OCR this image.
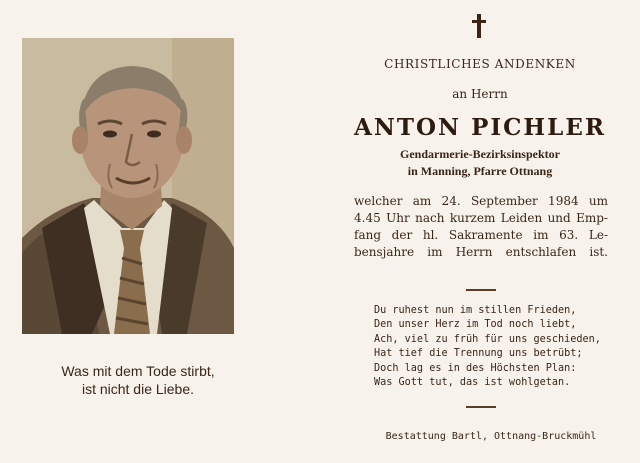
Was mit dem Tode stirbt,
ist nicht die Liebe.
CHRISTLICHES ANDENKEN
an Herrn
ANTON PICHLER
Gendarmerie-Bezirksinspektor
in Manning, Pfarre Ottnang
welcher am 24. September 1984 um
4.45 Uhr nach kurzem Leiden und Emp-
fang der hl. Sakramente im 63. Le-
bensjahre im Herrn entschlafen ist.
Du ruhest nun im stillen Frieden,
Den unser Herz im Tod noch liebt,
Ach, viel zu früh für uns geschieden,
Hat tief die Trennung uns betrübt;
Doch lag es in des Höchsten Plan:
Was Gott tut, das ist wohlgetan.
Bestattung Bartl, Ottnang-Bruckmühl
